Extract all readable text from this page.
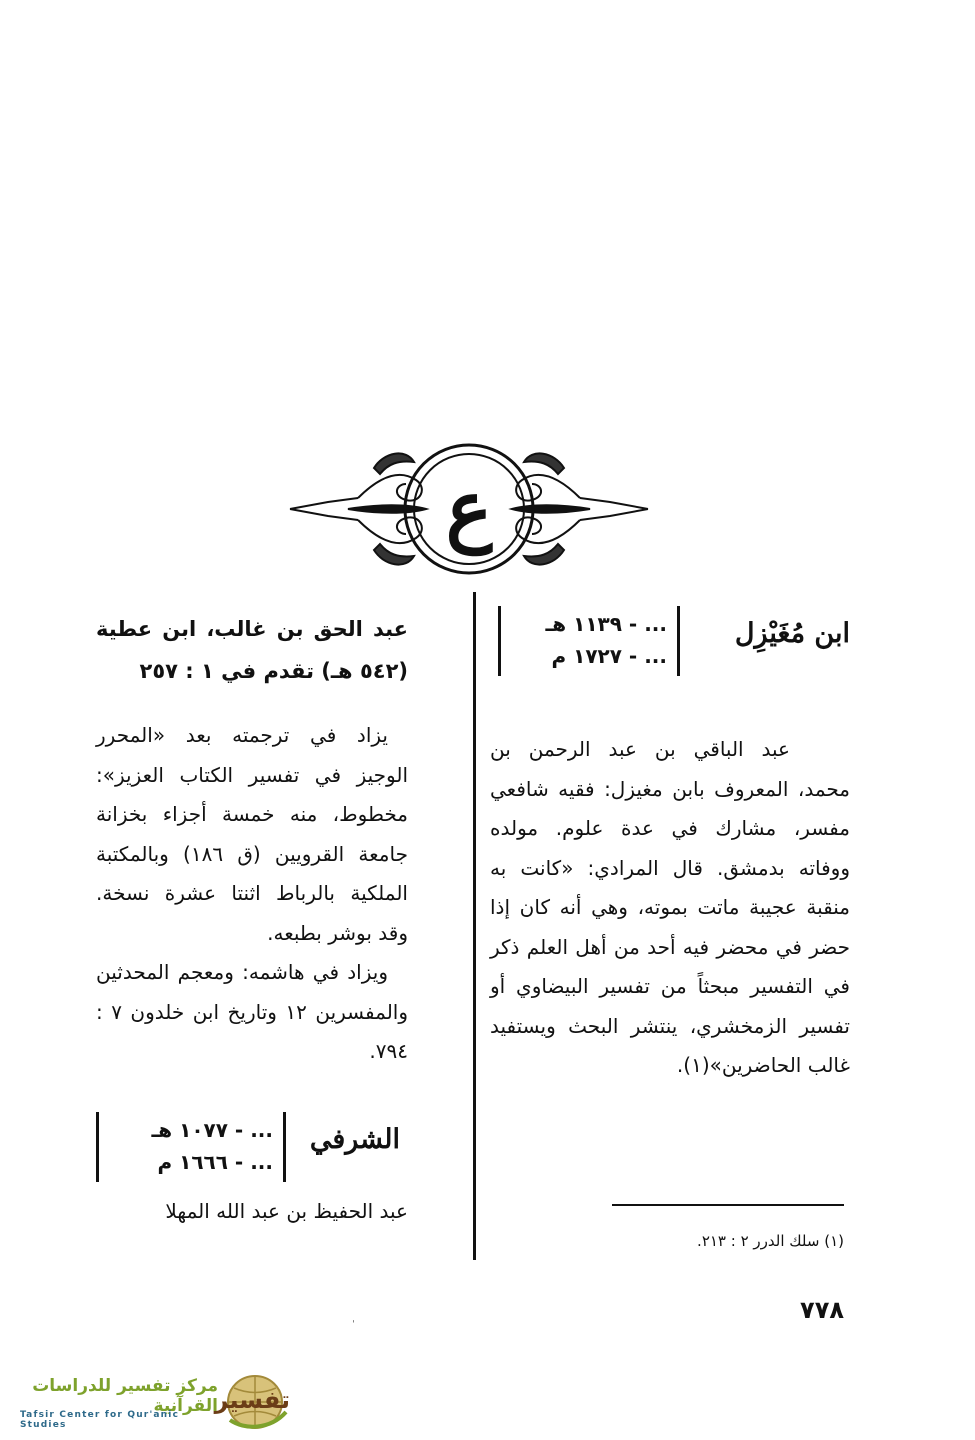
ع
ابن مُغَيْزِل
... - ١١٣٩ هـ
... - ١٧٢٧ م
عبد الباقي بن عبد الرحمن بن محمد، المعروف بابن مغيزل: فقيه شافعي مفسر، مشارك في عدة علوم. مولده ووفاته بدمشق. قال المرادي: «كانت به منقبة عجيبة ماتت بموته، وهي أنه كان إذا حضر في محضر فيه أحد من أهل العلم ذكر في التفسير مبحثاً من تفسير البيضاوي أو تفسير الزمخشري، ينتشر البحث ويستفيد غالب الحاضرين»(١).
(١) سلك الدرر ٢ : ٢١٣.
عبد الحق بن غالب، ابن عطية (٥٤٢ هـ) تقدم في ١ : ٢٥٧
يزاد في ترجمته بعد «المحرر الوجيز في تفسير الكتاب العزيز»: مخطوط، منه خمسة أجزاء بخزانة جامعة القرويين (ق ١٨٦) وبالمكتبة الملكية بالرباط اثنتا عشرة نسخة. وقد بوشر بطبعه.
ويزاد في هاشمه: ومعجم المحدثين والمفسرين ١٢ وتاريخ ابن خلدون ٧ : ٧٩٤.
الشرفي
... - ١٠٧٧ هـ
... - ١٦٦٦ م
عبد الحفيظ بن عبد الله المهلا
٧٧٨
ˈ
مركز تفسير للدراسات القرآنية
Tafsir Center for Qur'anic Studies
تفسير
